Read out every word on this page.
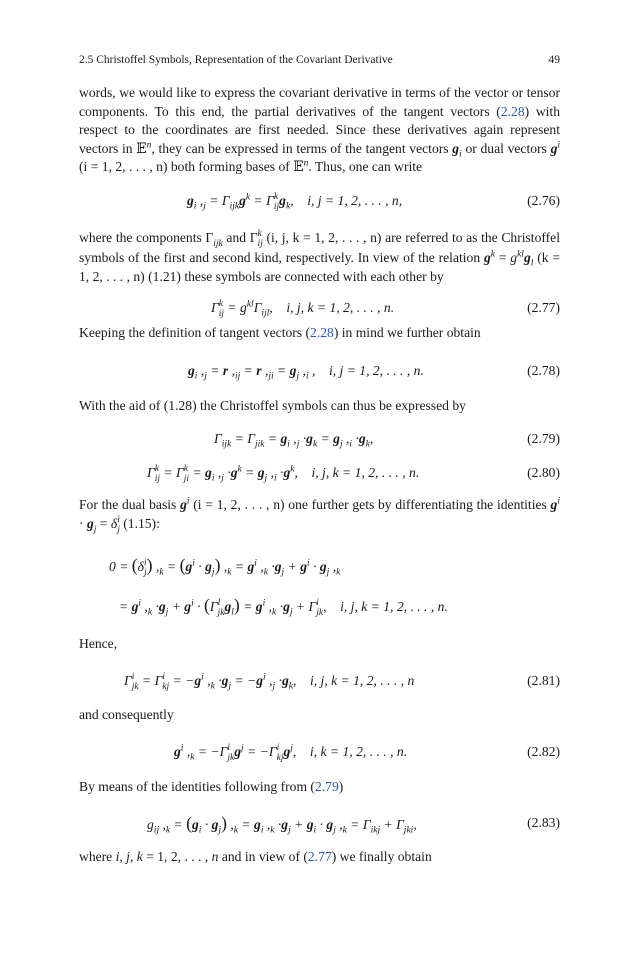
2.5 Christoffel Symbols, Representation of the Covariant Derivative	49

words, we would like to express the covariant derivative in terms of the vector or tensor components. To this end, the partial derivatives of the tangent vectors (2.28) with respect to the coordinates are first needed. Since these derivatives again represent vectors in 𝔼$^n$, they can be expressed in terms of the tangent vectors $g_i$ or dual vectors $g^i$ (i = 1, 2, . . . , n) both forming bases of 𝔼$^n$. Thus, one can write

$g_i$ $,_j = \Gamma_{ijk}g^k = \Gamma$ k
ij $g_k$,    i, j = 1, 2, . . . , n,	(2.76)

where the components $\Gamma_{ijk}$ and Γ k
ij (i, j, k = 1, 2, . . . , n) are referred to as the Christoffel symbols of the first and second kind, respectively. In view of the relation $g^k = g^{kl}g_l$ (k = 1, 2, . . . , n) (1.21) these symbols are connected with each other by

Γ k
ij = $g^{kl}\Gamma_{ijl}$,    i, j, k = 1, 2, . . . , n.	(2.77)

Keeping the definition of tangent vectors (2.28) in mind we further obtain

$g_i$ $,_j = r$ $,_{ij} = r$ $,_{ji} = g_j$ $,_i$ ,    i, j = 1, 2, . . . , n.	(2.78)

With the aid of (1.28) the Christoffel symbols can thus be expressed by

$\Gamma_{ijk} = \Gamma_{jik} = g_i$ $,_j \cdot g_k = g_j$ $,_i \cdot g_k$,	(2.79)
Γ k
ij = Γ k
ji = $g_i$ $,_j \cdot g^k = g_j$ $,_i \cdot g^k$,    i, j, k = 1, 2, . . . , n.	(2.80)

For the dual basis $g^i$ (i = 1, 2, . . . , n) one further gets by differentiating the identities $g^i \cdot g_j = \delta$ i
j (1.15):

0 = (δ i
j ) $,_k = (g^i \cdot g_j) ,_k = g^i$ $,_k \cdot g_j + g^i \cdot g_j$ $,_k$
= $g^i$ $,_k \cdot g_j + g^i \cdot (\Gamma$ l
jk $g_l) = g^i$ $,_k \cdot g_j + \Gamma$ i
jk ,    i, j, k = 1, 2, . . . , n.

Hence,

Γ i
jk = Γ i
kj = $-g^i$ $,_k \cdot g_j = -g^i$ $,_j \cdot g_k$,    i, j, k = 1, 2, . . . , n	(2.81)

and consequently

$g^i$ $,_k = -\Gamma$ i
jk $g^j = -\Gamma$ i
kj $g^j$,    i, k = 1, 2, . . . , n.	(2.82)

By means of the identities following from (2.79)

$g_{ij}$ $,_k = (g_i \cdot g_j) ,_k = g_i$ $,_k \cdot g_j + g_i \cdot g_j$ $,_k = \Gamma_{ikj} + \Gamma_{jki}$,	(2.83)

where i, j, k = 1, 2, . . . , n and in view of (2.77) we finally obtain
